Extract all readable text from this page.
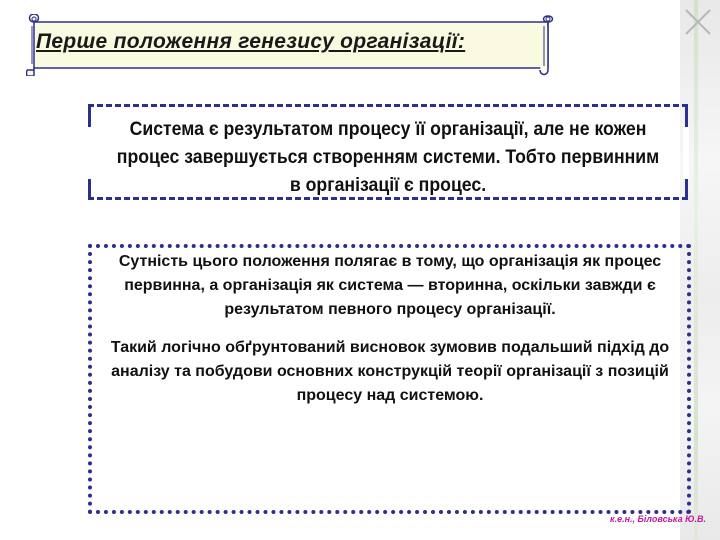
Перше положення генезису організації:
Система є результатом процесу її організації, але не кожен процес завершується створенням системи. Тобто первинним в організації є процес.
Сутність цього положення полягає в тому, що організація як процес первинна, а організація як система — вторинна, оскільки завжди є результатом певного процесу організації.
Такий логічно обґрунтований висновок зумовив подальший підхід до аналізу та побудови основних конструкцій теорії організації з позицій процесу над системою.
к.е.н., Біловська Ю.В.
